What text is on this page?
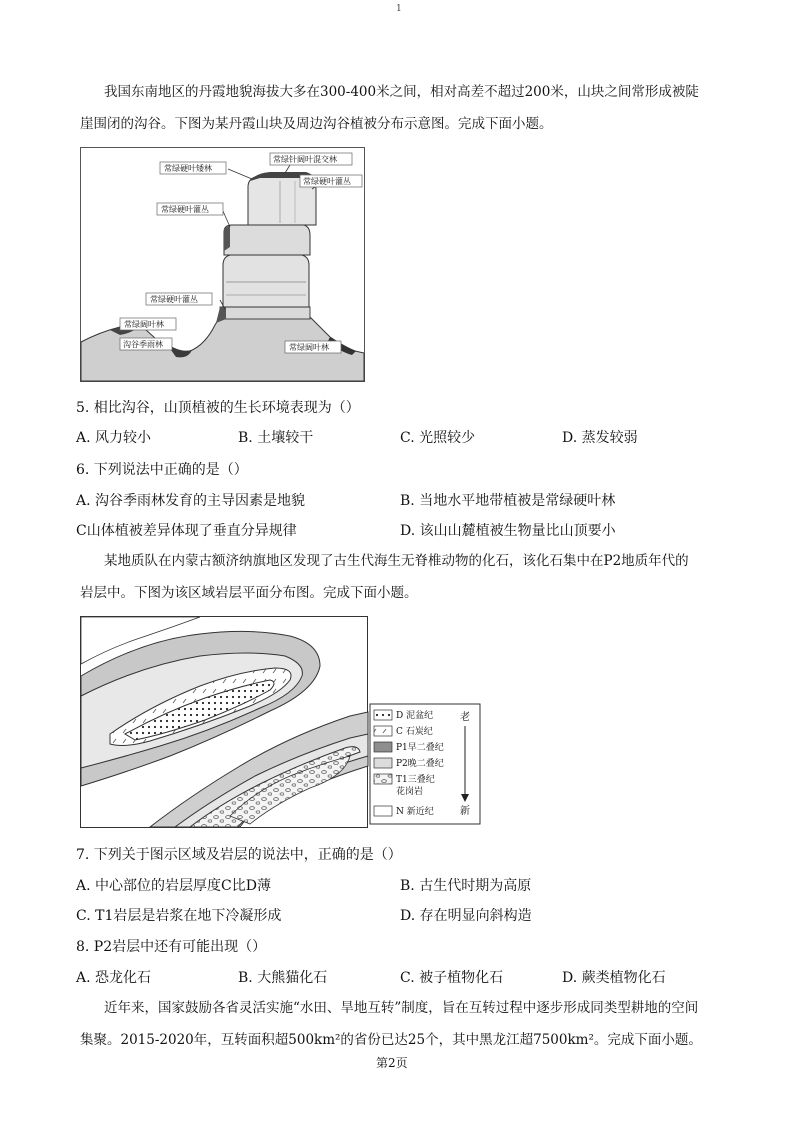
1
我国东南地区的丹霞地貌海拔大多在300-400米之间，相对高差不超过200米，山块之间常形成被陡
崖围闭的沟谷。下图为某丹霞山块及周边沟谷植被分布示意图。完成下面小题。
常绿硬叶矮林
常绿针阔叶混交林
常绿硬叶灌丛
常绿硬叶灌丛
常绿硬叶灌丛
常绿阔叶林
沟谷季雨林	常绿阔叶林
5. 相比沟谷，山顶植被的生长环境表现为（）
A. 风力较小	B. 土壤较干	C. 光照较少	D. 蒸发较弱
6. 下列说法中正确的是（）
A. 沟谷季雨林发育的主导因素是地貌	B. 当地水平地带植被是常绿硬叶林
C山体植被差异体现了垂直分异规律	D. 该山山麓植被生物量比山顶要小
某地质队在内蒙古额济纳旗地区发现了古生代海生无脊椎动物的化石，该化石集中在P2地质年代的
岩层中。下图为该区域岩层平面分布图。完成下面小题。
D 泥盆纪
C 石炭纪
P1早二叠纪
P2晚二叠纪
T1三叠纪
花岗岩
N 新近纪
老
新
7. 下列关于图示区域及岩层的说法中，正确的是（）
A. 中心部位的岩层厚度C比D薄	B. 古生代时期为高原
C. T1岩层是岩浆在地下冷凝形成	D. 存在明显向斜构造
8. P2岩层中还有可能出现（）
A. 恐龙化石	B. 大熊猫化石	C. 被子植物化石	D. 蕨类植物化石
近年来，国家鼓励各省灵活实施“水田、旱地互转”制度，旨在互转过程中逐步形成同类型耕地的空间
集聚。2015-2020年，互转面积超500km²的省份已达25个，其中黑龙江超7500km²。完成下面小题。
第2页
